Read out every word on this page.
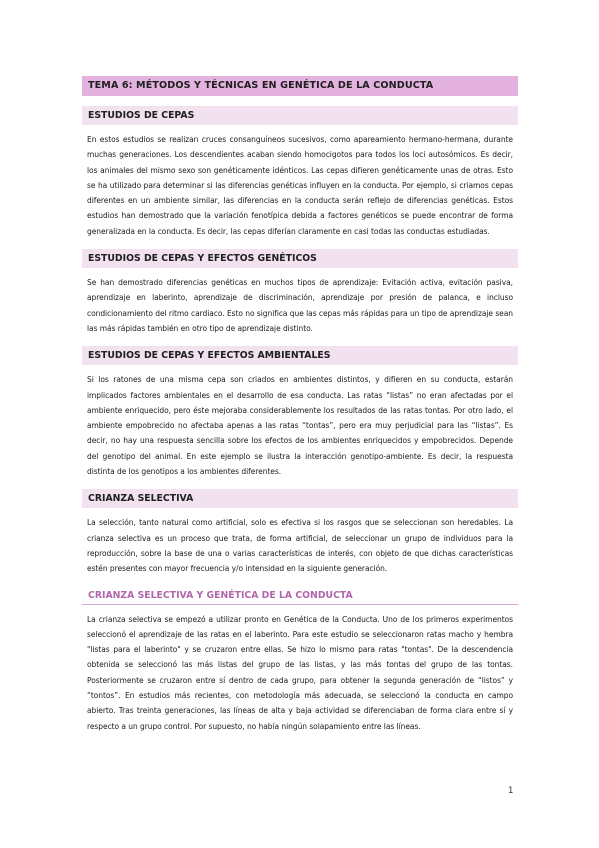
TEMA 6: MÉTODOS Y TÉCNICAS EN GENÉTICA DE LA CONDUCTA
ESTUDIOS DE CEPAS

En estos estudios se realizan cruces consanguíneos sucesivos, como apareamiento hermano-hermana, durante muchas generaciones. Los descendientes acaban siendo homocigotos para todos los loci autosómicos. Es decir, los animales del mismo sexo son genéticamente idénticos. Las cepas difieren genéticamente unas de otras. Esto se ha utilizado para determinar si las diferencias genéticas influyen en la conducta. Por ejemplo, si criamos cepas diferentes en un ambiente similar, las diferencias en la conducta serán reflejo de diferencias genéticas. Estos estudios han demostrado que la variación fenotípica debida a factores genéticos se puede encontrar de forma generalizada en la conducta. Es decir, las cepas diferían claramente en casi todas las conductas estudiadas.

ESTUDIOS DE CEPAS Y EFECTOS GENÉTICOS

Se han demostrado diferencias genéticas en muchos tipos de aprendizaje: Evitación activa, evitación pasiva, aprendizaje en laberinto, aprendizaje de discriminación, aprendizaje por presión de palanca, e incluso condicionamiento del ritmo cardiaco. Esto no significa que las cepas más rápidas para un tipo de aprendizaje sean las más rápidas también en otro tipo de aprendizaje distinto.

ESTUDIOS DE CEPAS Y EFECTOS AMBIENTALES

Si los ratones de una misma cepa son criados en ambientes distintos, y difieren en su conducta, estarán implicados factores ambientales en el desarrollo de esa conducta. Las ratas “listas” no eran afectadas por el ambiente enriquecido, pero éste mejoraba considerablemente los resultados de las ratas tontas. Por otro lado, el ambiente empobrecido no afectaba apenas a las ratas “tontas”, pero era muy perjudicial para las “listas”. Es decir, no hay una respuesta sencilla sobre los efectos de los ambientes enriquecidos y empobrecidos. Depende del genotipo del animal. En este ejemplo se ilustra la interacción genotipo-ambiente. Es decir, la respuesta distinta de los genotipos a los ambientes diferentes.

CRIANZA SELECTIVA

La selección, tanto natural como artificial, solo es efectiva si los rasgos que se seleccionan son heredables. La crianza selectiva es un proceso que trata, de forma artificial, de seleccionar un grupo de individuos para la reproducción, sobre la base de una o varias características de interés, con objeto de que dichas características estén presentes con mayor frecuencia y/o intensidad en la siguiente generación.

CRIANZA SELECTIVA Y GENÉTICA DE LA CONDUCTA

La crianza selectiva se empezó a utilizar pronto en Genética de la Conducta. Uno de los primeros experimentos seleccionó el aprendizaje de las ratas en el laberinto. Para este estudio se seleccionaron ratas macho y hembra "listas para el laberinto" y se cruzaron entre ellas. Se hizo lo mismo para ratas "tontas". De la descendencia obtenida se seleccionó las más listas del grupo de las listas, y las más tontas del grupo de las tontas. Posteriormente se cruzaron entre sí dentro de cada grupo, para obtener la segunda generación de “listos” y “tontos”. En estudios más recientes, con metodología más adecuada, se seleccionó la conducta en campo abierto. Tras treinta generaciones, las líneas de alta y baja actividad se diferenciaban de forma clara entre sí y respecto a un grupo control. Por supuesto, no había ningún solapamiento entre las líneas.

1
